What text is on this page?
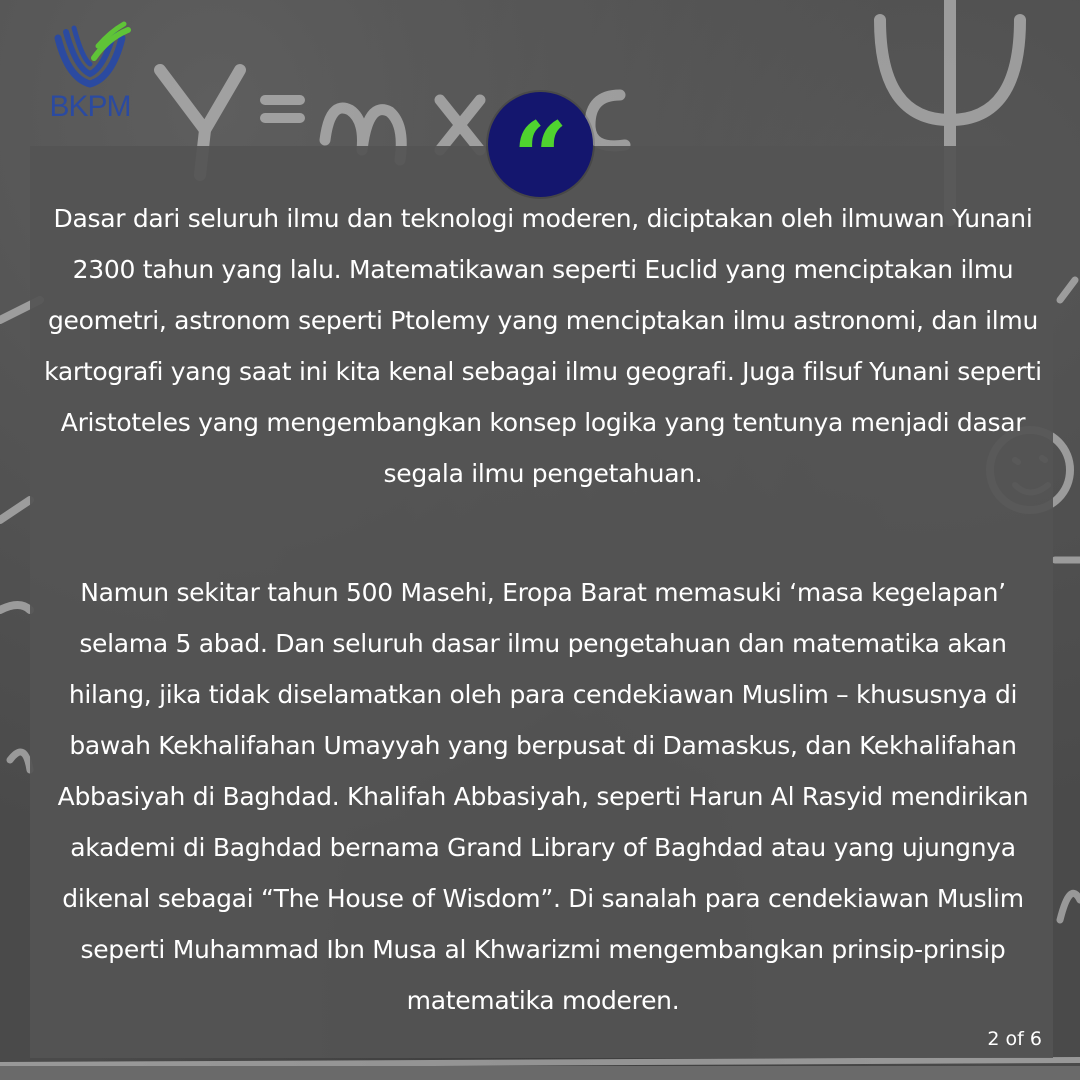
BKPM	“

Dasar dari seluruh ilmu dan teknologi moderen, diciptakan oleh ilmuwan Yunani 2300 tahun yang lalu. Matematikawan seperti Euclid yang menciptakan ilmu geometri, astronom seperti Ptolemy yang menciptakan ilmu astronomi, dan ilmu kartografi yang saat ini kita kenal sebagai ilmu geografi. Juga filsuf Yunani seperti Aristoteles yang mengembangkan konsep logika yang tentunya menjadi dasar segala ilmu pengetahuan.

Namun sekitar tahun 500 Masehi, Eropa Barat memasuki ‘masa kegelapan’ selama 5 abad. Dan seluruh dasar ilmu pengetahuan dan matematika akan hilang, jika tidak diselamatkan oleh para cendekiawan Muslim – khususnya di bawah Kekhalifahan Umayyah yang berpusat di Damaskus, dan Kekhalifahan Abbasiyah di Baghdad. Khalifah Abbasiyah, seperti Harun Al Rasyid mendirikan akademi di Baghdad bernama Grand Library of Baghdad atau yang ujungnya dikenal sebagai “The House of Wisdom”. Di sanalah para cendekiawan Muslim seperti Muhammad Ibn Musa al Khwarizmi mengembangkan prinsip-prinsip matematika moderen.

2 of 6
